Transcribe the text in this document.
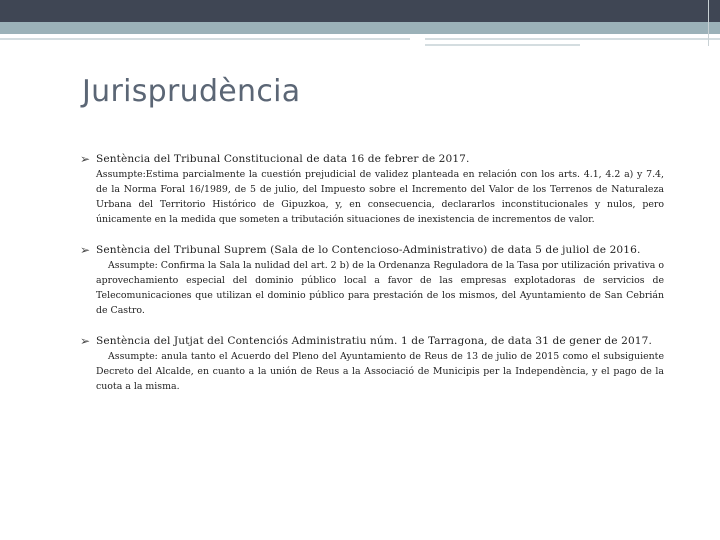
Jurisprudència
➢ Sentència del Tribunal Constitucional de data 16 de febrer de 2017.
Assumpte:Estima parcialmente la cuestión prejudicial de validez planteada en relación con los arts. 4.1, 4.2 a) y 7.4, de la Norma Foral 16/1989, de 5 de julio, del Impuesto sobre el Incremento del Valor de los Terrenos de Naturaleza Urbana del Territorio Histórico de Gipuzkoa, y, en consecuencia, declararlos inconstitucionales y nulos, pero únicamente en la medida que someten a tributación situaciones de inexistencia de incrementos de valor.
➢ Sentència del Tribunal Suprem (Sala de lo Contencioso-Administrativo) de data 5 de juliol de 2016.
Assumpte: Confirma la Sala la nulidad del art. 2 b) de la Ordenanza Reguladora de la Tasa por utilización privativa o aprovechamiento especial del dominio público local a favor de las empresas explotadoras de servicios de Telecomunicaciones que utilizan el dominio público para prestación de los mismos, del Ayuntamiento de San Cebrián de Castro.
➢ Sentència del Jutjat del Contenciós Administratiu núm. 1 de Tarragona, de data 31 de gener de 2017.
Assumpte: anula tanto el Acuerdo del Pleno del Ayuntamiento de Reus de 13 de julio de 2015 como el subsiguiente Decreto del Alcalde, en cuanto a la unión de Reus a la Associació de Municipis per la Independència, y el pago de la cuota a la misma.
